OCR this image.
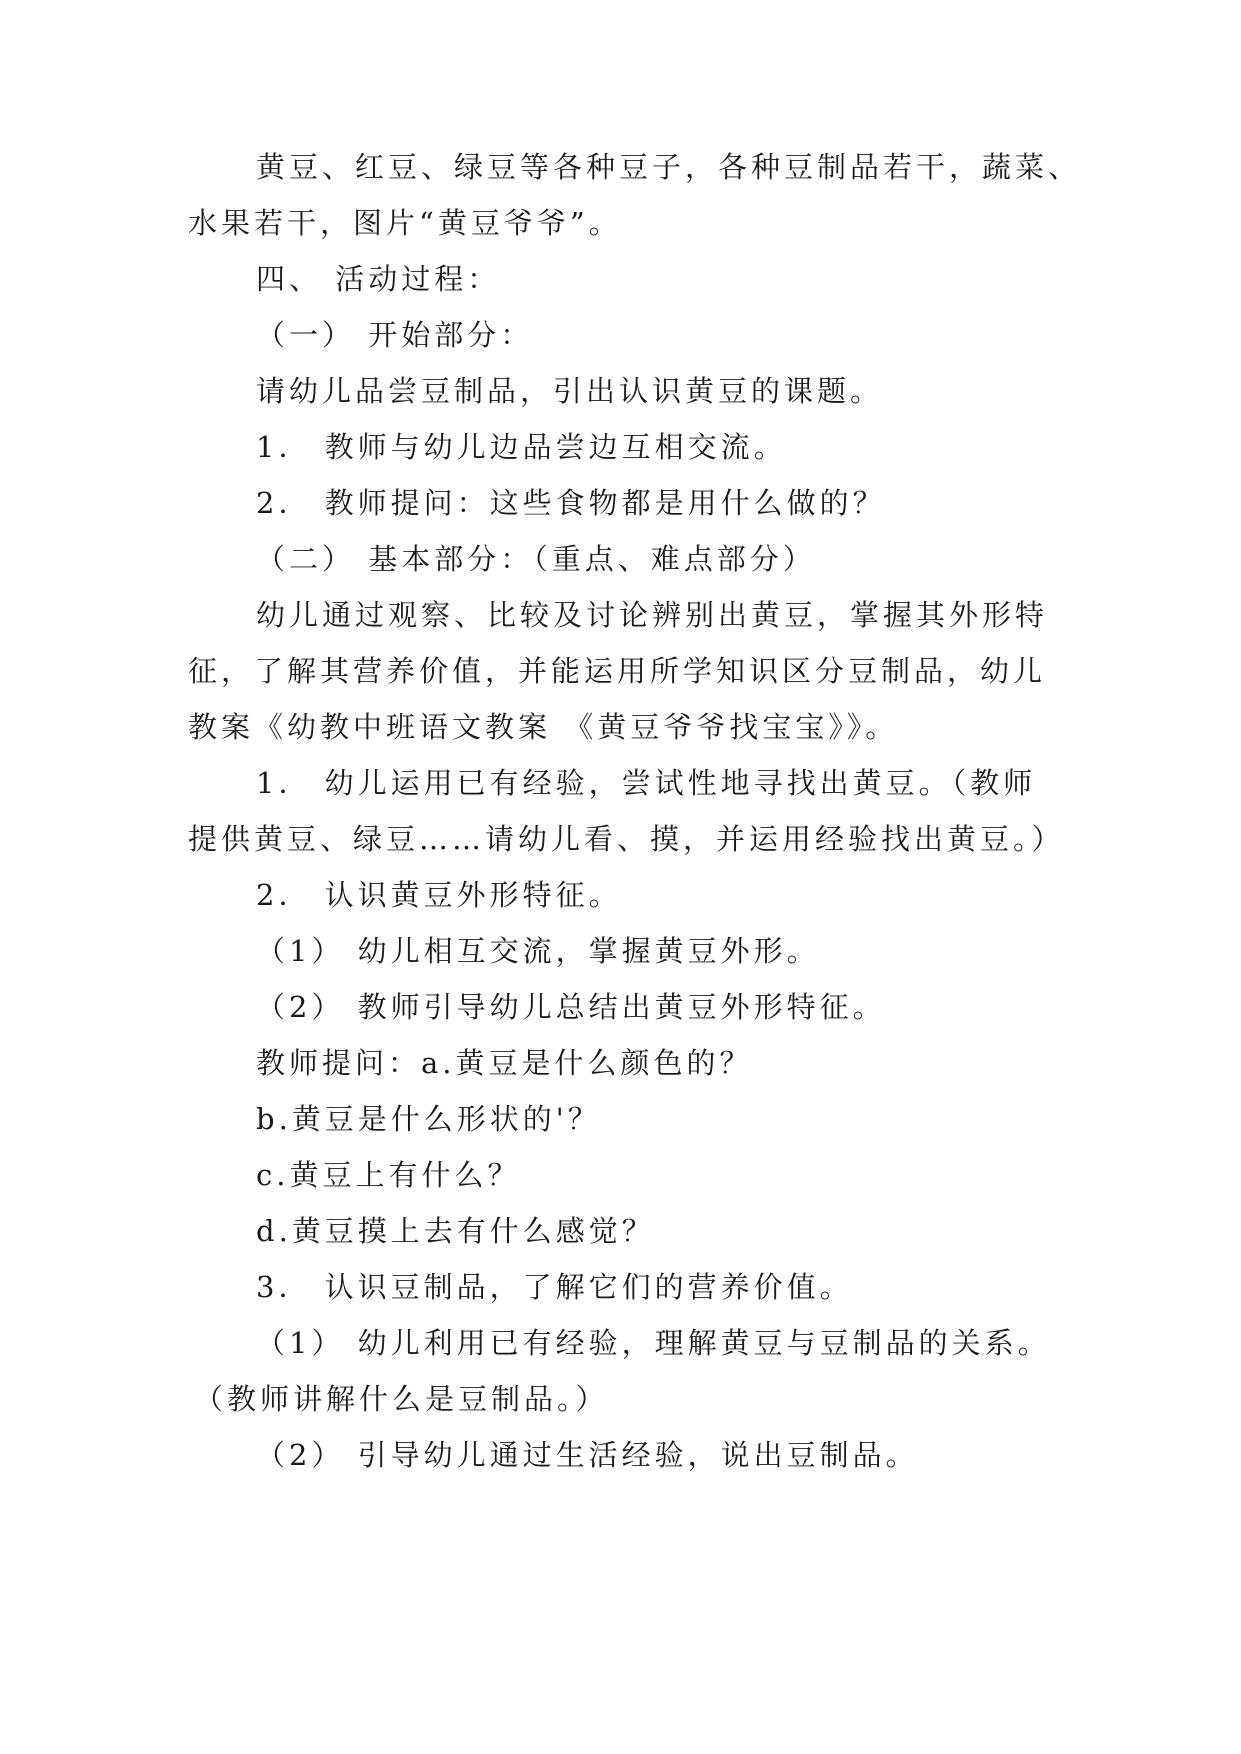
黄豆、红豆、绿豆等各种豆子，各种豆制品若干，蔬菜、
水果若干，图片“黄豆爷爷”。
四、 活动过程：
（一） 开始部分：
请幼儿品尝豆制品，引出认识黄豆的课题。
1． 教师与幼儿边品尝边互相交流。
2． 教师提问：这些食物都是用什么做的？
（二） 基本部分：（重点、难点部分）
幼儿通过观察、比较及讨论辨别出黄豆，掌握其外形特
征，了解其营养价值，并能运用所学知识区分豆制品，幼儿
教案《幼教中班语文教案 《黄豆爷爷找宝宝》》。
1． 幼儿运用已有经验，尝试性地寻找出黄豆。（教师
提供黄豆、绿豆……请幼儿看、摸，并运用经验找出黄豆。）
2． 认识黄豆外形特征。
（1） 幼儿相互交流，掌握黄豆外形。
（2） 教师引导幼儿总结出黄豆外形特征。
教师提问：a.黄豆是什么颜色的？
b.黄豆是什么形状的'？
c.黄豆上有什么？
d.黄豆摸上去有什么感觉？
3． 认识豆制品，了解它们的营养价值。
（1） 幼儿利用已有经验，理解黄豆与豆制品的关系。
（教师讲解什么是豆制品。）
（2） 引导幼儿通过生活经验，说出豆制品。
